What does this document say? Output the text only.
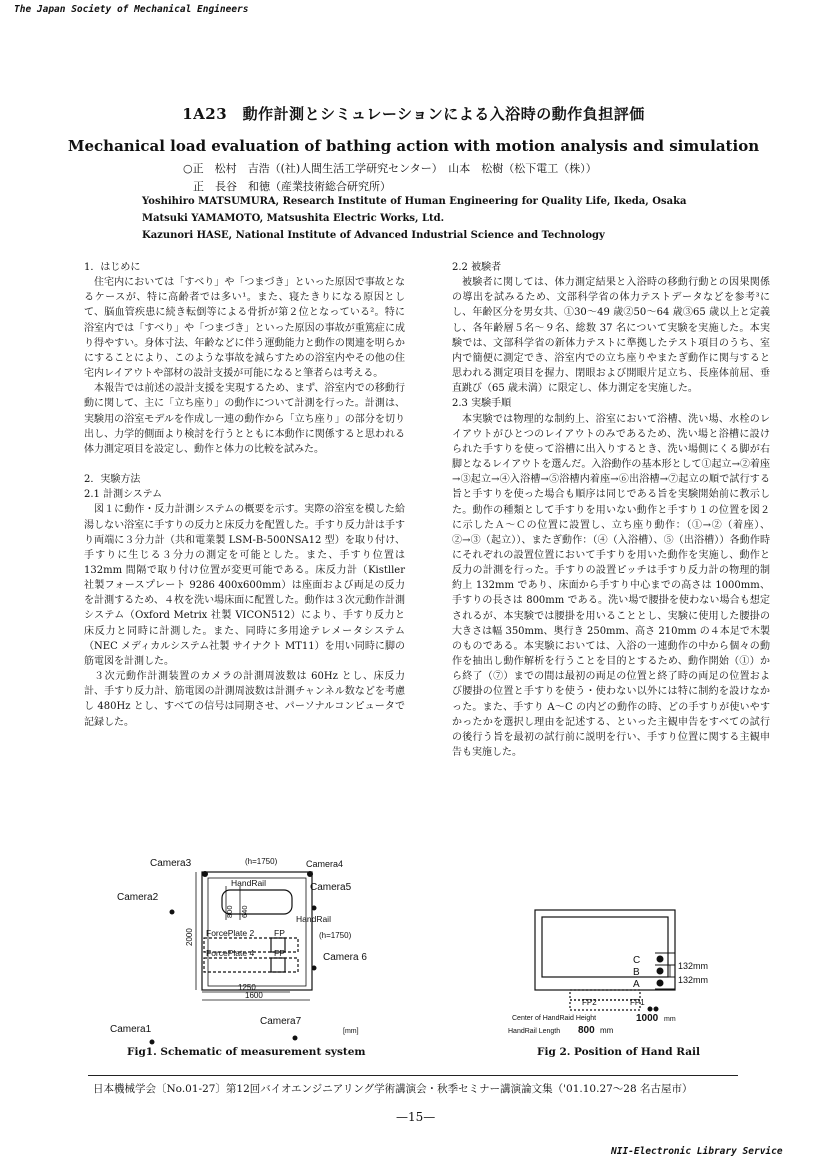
The Japan Society of Mechanical Engineers
1A23　動作計測とシミュレーションによる入浴時の動作負担評価
Mechanical load evaluation of bathing action with motion analysis and simulation
○正　松村　吉浩（(社)人間生活工学研究センター）　山本　松樹（松下電工（株））
正　長谷　和徳（産業技術総合研究所）
Yoshihiro MATSUMURA, Research Institute of Human Engineering for Quality Life, Ikeda, Osaka
Matsuki YAMAMOTO, Matsushita Electric Works, Ltd.
Kazunori HASE, National Institute of Advanced Industrial Science and Technology

1．はじめに

住宅内においては「すべり」や「つまづき」といった原因で事故となるケースが、特に高齢者では多い¹。また、寝たきりになる原因として、脳血管疾患に続き転倒等による骨折が第２位となっている²。特に浴室内では「すべり」や「つまづき」といった原因の事故が重篤症に成り得やすい。身体寸法、年齢などに伴う運動能力と動作の関連を明らかにすることにより、このような事故を減らすための浴室内やその他の住宅内レイアウトや部材の設計支援が可能になると筆者らは考える。

本報告では前述の設計支援を実現するため、まず、浴室内での移動行動に関して、主に「立ち座り」の動作について計測を行った。計測は、実験用の浴室モデルを作成し一連の動作から「立ち座り」の部分を切り出し、力学的側面より検討を行うとともに本動作に関係すると思われる体力測定項目を設定し、動作と体力の比較を試みた。

2．実験方法

2.1 計測システム

図１に動作・反力計測システムの概要を示す。実際の浴室を模した給湯しない浴室に手すりの反力と床反力を配置した。手すり反力計は手すり両端に３分力計（共和電業製 LSM-B-500NSA12 型）を取り付け、手すりに生じる３分力の測定を可能とした。また、手すり位置は 132mm 間隔で取り付け位置が変更可能である。床反力計（Kistller 社製フォースプレート 9286 400x600mm）は座面および両足の反力を計測するため、４枚を洗い場床面に配置した。動作は３次元動作計測システム（Oxford Metrix 社製 VICON512）により、手すり反力と床反力と同時に計測した。また、同時に多用途テレメータシステム（NEC メディカルシステム社製 サイナクト MT11）を用い同時に脚の筋電図を計測した。

３次元動作計測装置のカメラの計測周波数は 60Hz とし、床反力計、手すり反力計、筋電図の計測周波数は計測チャンネル数などを考慮し 480Hz とし、すべての信号は同期させ、パーソナルコンピュータで記録した。

2.2 被験者

被験者に関しては、体力測定結果と入浴時の移動行動との因果関係の導出を試みるため、文部科学省の体力テストデータなどを参考³にし、年齢区分を男女共、①30〜49 歳②50〜64 歳③65 歳以上と定義し、各年齢層５名〜９名、総数 37 名について実験を実施した。本実験では、文部科学省の新体力テストに準拠したテスト項目のうち、室内で簡便に測定でき、浴室内での立ち座りやまたぎ動作に関与すると思われる測定項目を握力、閉眼および開眼片足立ち、長座体前屈、垂直跳び（65 歳未満）に限定し、体力測定を実施した。

2.3 実験手順

本実験では物理的な制約上、浴室において浴槽、洗い場、水栓のレイアウトがひとつのレイアウトのみであるため、洗い場と浴槽に設けられた手すりを使って浴槽に出入りするとき、洗い場側にくる脚が右脚となるレイアウトを選んだ。入浴動作の基本形として①起立→②着座→③起立→④入浴槽→⑤浴槽内着座→⑥出浴槽→⑦起立の順で試行する旨と手すりを使った場合も順序は同じである旨を実験開始前に教示した。動作の種類として手すりを用いない動作と手すり１の位置を図２に示したＡ〜Ｃの位置に設置し、立ち座り動作：（①→②（着座）、②→③（起立））、またぎ動作：（④（入浴槽）、⑤（出浴槽））各動作時にそれぞれの設置位置において手すりを用いた動作を実施し、動作と反力の計測を行った。手すりの設置ピッチは手すり反力計の物理的制約上 132mm であり、床面から手すり中心までの高さは 1000mm、手すりの長さは 800mm である。洗い場で腰掛を使わない場合も想定されるが、本実験では腰掛を用いることとし、実験に使用した腰掛の大きさは幅 350mm、奥行き 250mm、高さ 210mm の４本足で木製のものである。本実験においては、入浴の一連動作の中から個々の動作を抽出し動作解析を行うことを目的とするため、動作開始（①）から終了（⑦）までの間は最初の両足の位置と終了時の両足の位置および腰掛の位置と手すりを使う・使わない以外には特に制約を設けなかった。また、手すり A〜C の内どの動作の時、どの手すりが使いやすかったかを選択し理由を記述する、といった主観申告をすべての試行の後行う旨を最初の試行前に説明を行い、手すり位置に関する主観申告も実施した。

Camera3	(h=1750)	Camera4
Camera2
HandRail	Camera5
HandRail
(h=1750)
ForcePlate 2 FP
ForcePlate 4 FP	Camera 6
2000
800 640
1250
1600
Camera7
Camera1	[mm]
Fig1. Schematic of measurement system
C
B
A
132mm
132mm
FP2	FP1
Center of HandRaid Height	1000 mm
HandRail Length 800 mm
Fig 2. Position of Hand Rail
日本機械学会〔No.01-27〕第12回バイオエンジニアリング学術講演会・秋季セミナー講演論文集（'01.10.27〜28 名古屋市）
—15—
NII-Electronic Library Service
